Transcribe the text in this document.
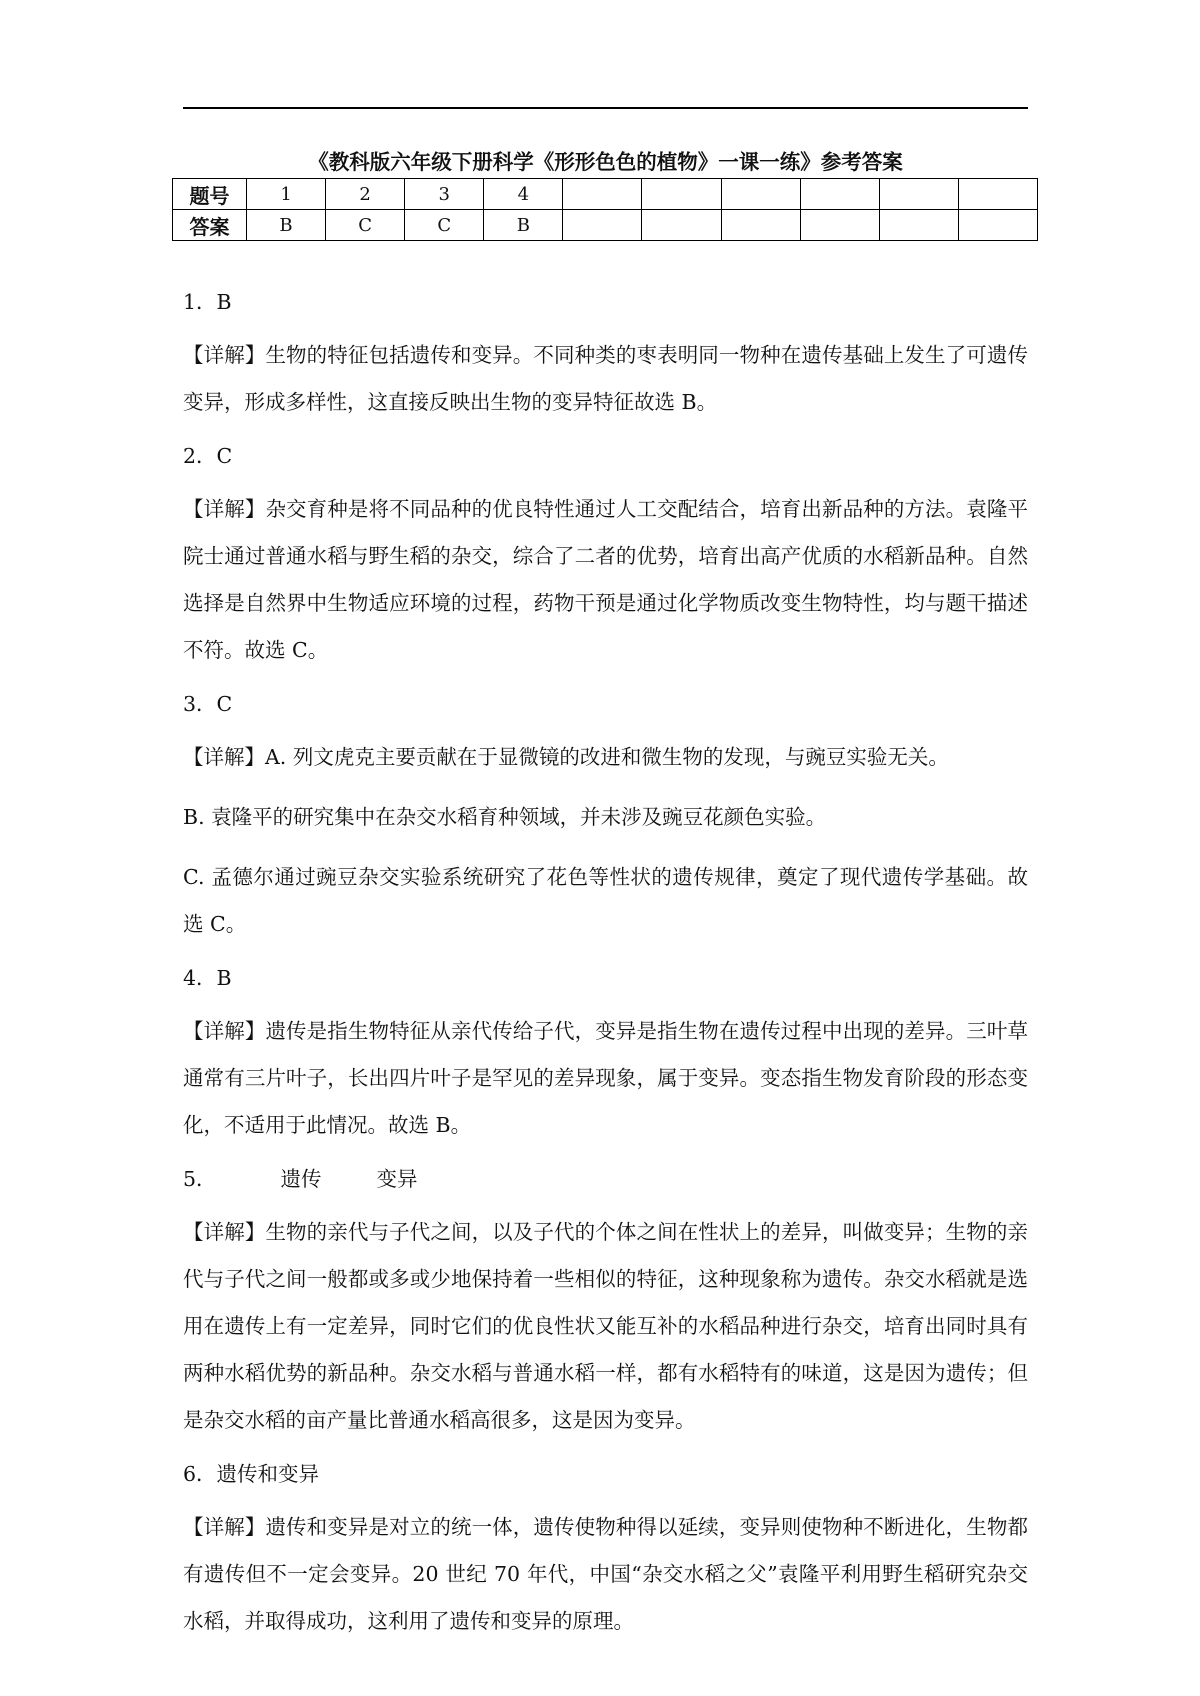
《教科版六年级下册科学《形形色色的植物》一课一练》参考答案
题号	1	2	3	4						
答案	B	C	C	B						
1．B
【详解】生物的特征包括遗传和变异。不同种类的枣表明同一物种在遗传基础上发生了可遗传变异，形成多样性，这直接反映出生物的变异特征故选 B。
2．C
【详解】杂交育种是将不同品种的优良特性通过人工交配结合，培育出新品种的方法。袁隆平院士通过普通水稻与野生稻的杂交，综合了二者的优势，培育出高产优质的水稻新品种。自然选择是自然界中生物适应环境的过程，药物干预是通过化学物质改变生物特性，均与题干描述不符。故选 C。
3．C
【详解】A. 列文虎克主要贡献在于显微镜的改进和微生物的发现，与豌豆实验无关。
B. 袁隆平的研究集中在杂交水稻育种领域，并未涉及豌豆花颜色实验。
C. 孟德尔通过豌豆杂交实验系统研究了花色等性状的遗传规律，奠定了现代遗传学基础。故选 C。
4．B
【详解】遗传是指生物特征从亲代传给子代，变异是指生物在遗传过程中出现的差异。三叶草通常有三片叶子，长出四片叶子是罕见的差异现象，属于变异。变态指生物发育阶段的形态变化，不适用于此情况。故选 B。
5．	遗传	变异
【详解】生物的亲代与子代之间，以及子代的个体之间在性状上的差异，叫做变异；生物的亲代与子代之间一般都或多或少地保持着一些相似的特征，这种现象称为遗传。杂交水稻就是选用在遗传上有一定差异，同时它们的优良性状又能互补的水稻品种进行杂交，培育出同时具有两种水稻优势的新品种。杂交水稻与普通水稻一样，都有水稻特有的味道，这是因为遗传；但是杂交水稻的亩产量比普通水稻高很多，这是因为变异。
6．遗传和变异
【详解】遗传和变异是对立的统一体，遗传使物种得以延续，变异则使物种不断进化，生物都有遗传但不一定会变异。20 世纪 70 年代，中国“杂交水稻之父”袁隆平利用野生稻研究杂交水稻，并取得成功，这利用了遗传和变异的原理。
